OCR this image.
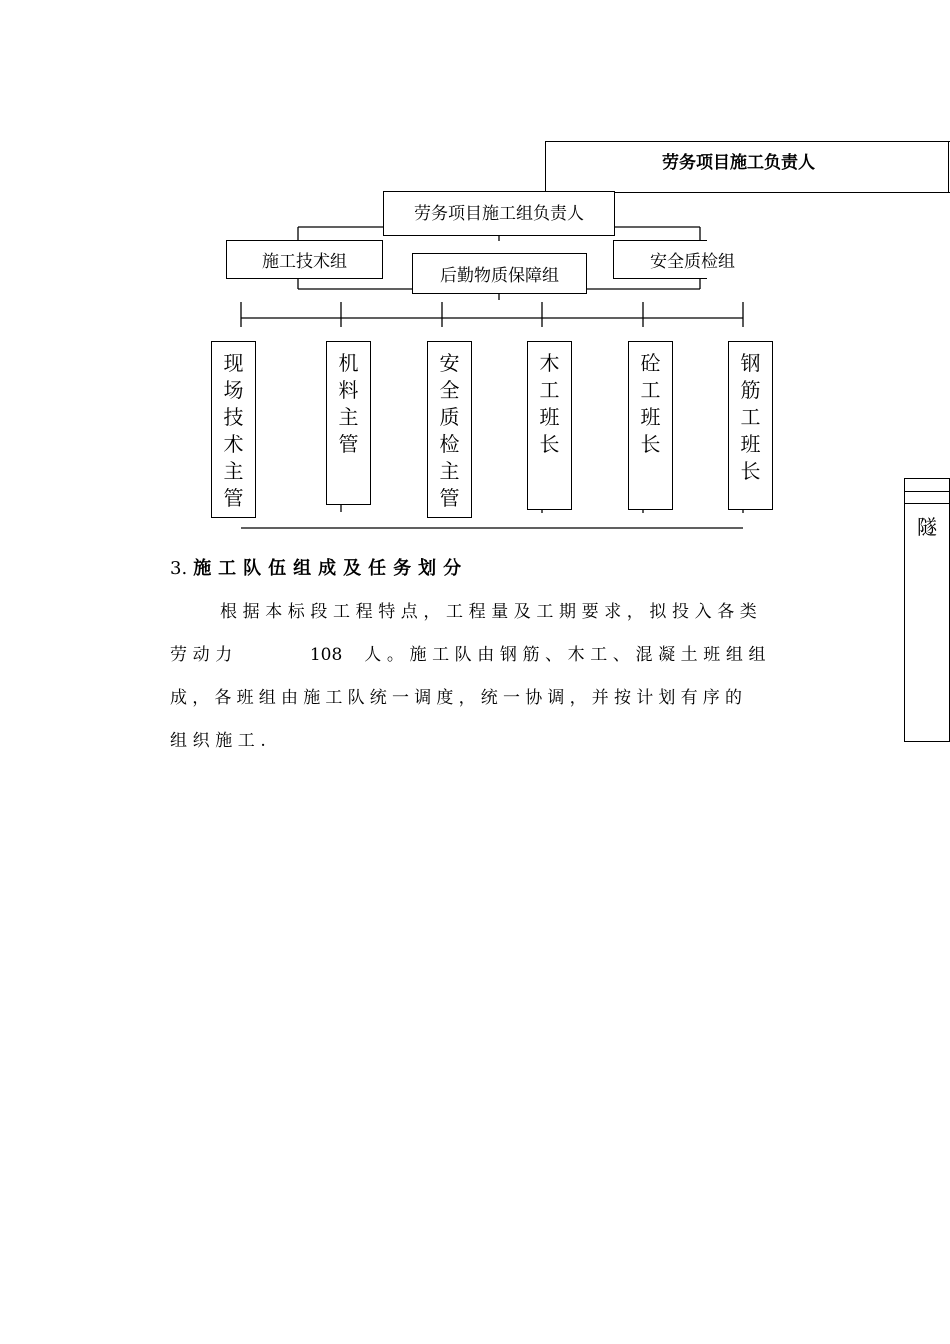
劳务项目施工负责人
劳务项目施工组负责人
施工技术组
后勤物质保障组
安全质检组
现
场
技
术
主
管
机
料
主
管
安
全
质
检
主
管
木
工
班
长
砼
工
班
长
钢
筋
工
班
长
3. 施工队伍组成及任务划分
根据本标段工程特点，工程量及工期要求，拟投入各类
劳动力	108 人。施工队由钢筋、木工、混凝土班组组
成，各班组由施工队统一调度，统一协调，并按计划有序的
组织施工.
隧
